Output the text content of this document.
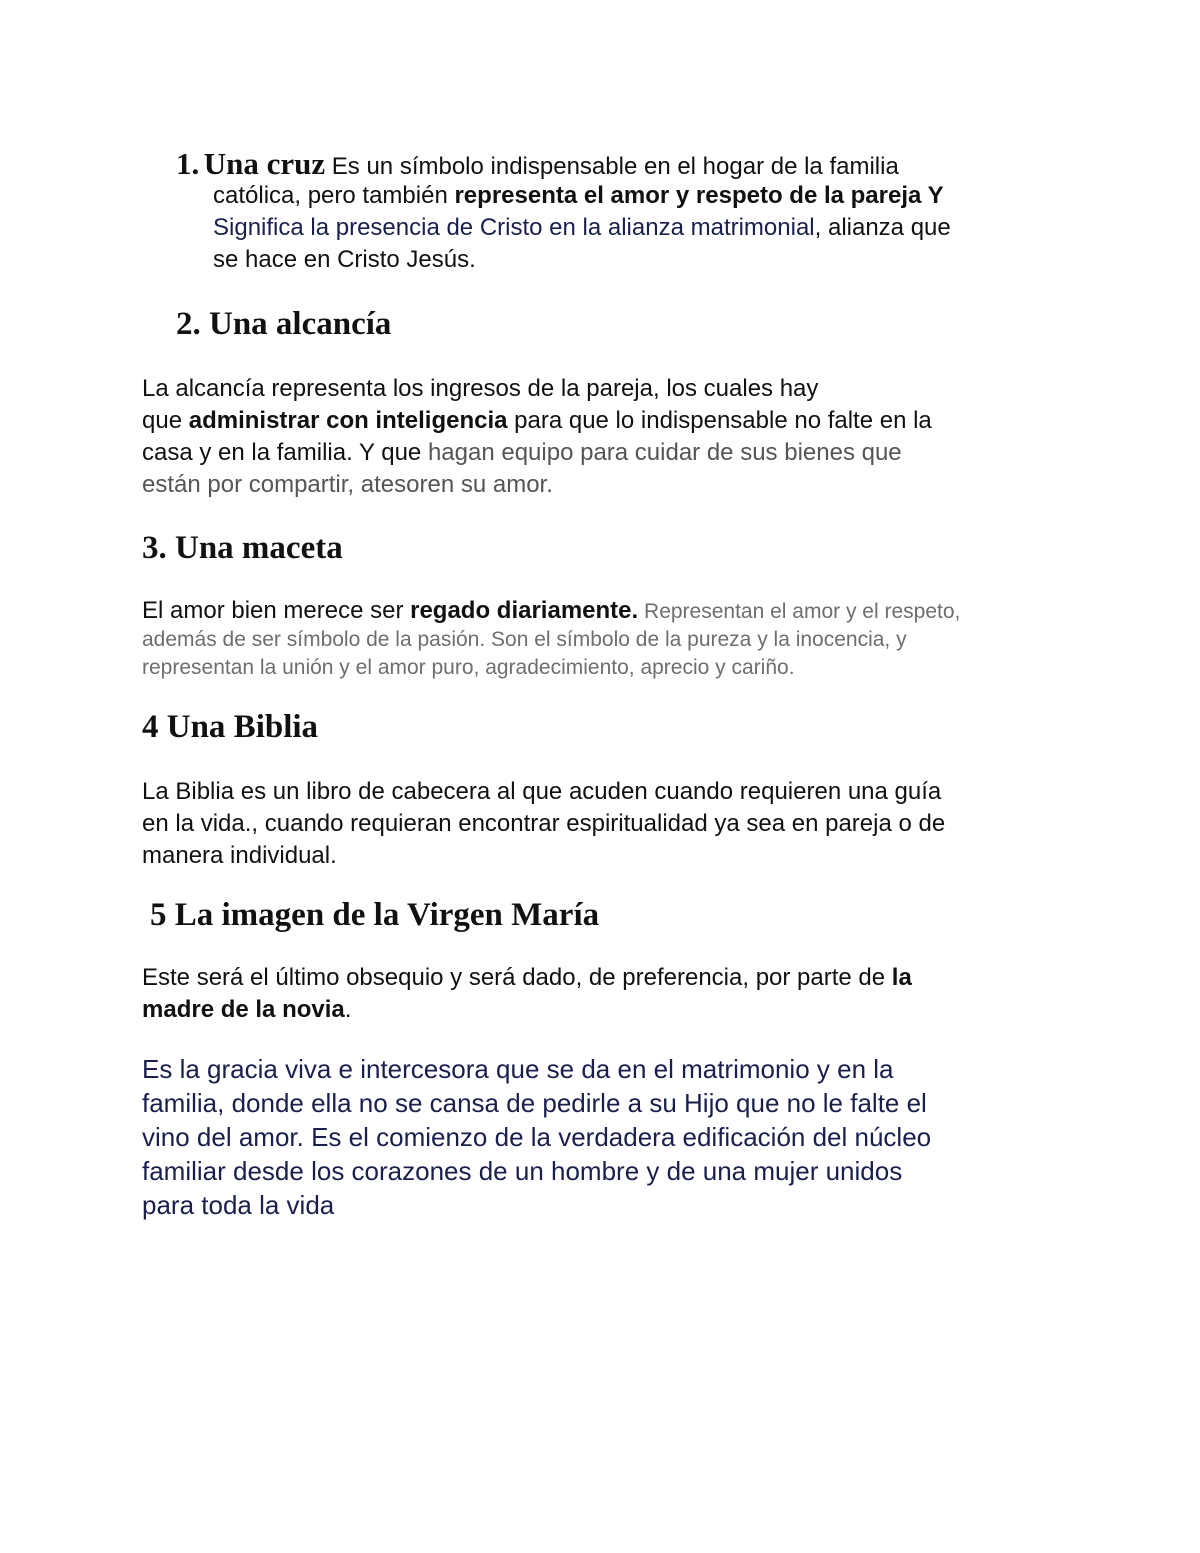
1. Una cruz Es un símbolo indispensable en el hogar de la familia
católica, pero también representa el amor y respeto de la pareja Y
Significa la presencia de Cristo en la alianza matrimonial, alianza que
se hace en Cristo Jesús.
2. Una alcancía
La alcancía representa los ingresos de la pareja, los cuales hay
que administrar con inteligencia para que lo indispensable no falte en la
casa y en la familia. Y que hagan equipo para cuidar de sus bienes que
están por compartir, atesoren su amor.
3. Una maceta
El amor bien merece ser regado diariamente. Representan el amor y el respeto,
además de ser símbolo de la pasión. Son el símbolo de la pureza y la inocencia, y
representan la unión y el amor puro, agradecimiento, aprecio y cariño.
4 Una Biblia
La Biblia es un libro de cabecera al que acuden cuando requieren una guía
en la vida., cuando requieran encontrar espiritualidad ya sea en pareja o de
manera individual.
5 La imagen de la Virgen María
Este será el último obsequio y será dado, de preferencia, por parte de la
madre de la novia.
Es la gracia viva e intercesora que se da en el matrimonio y en la
familia, donde ella no se cansa de pedirle a su Hijo que no le falte el
vino del amor. Es el comienzo de la verdadera edificación del núcleo
familiar desde los corazones de un hombre y de una mujer unidos
para toda la vida
